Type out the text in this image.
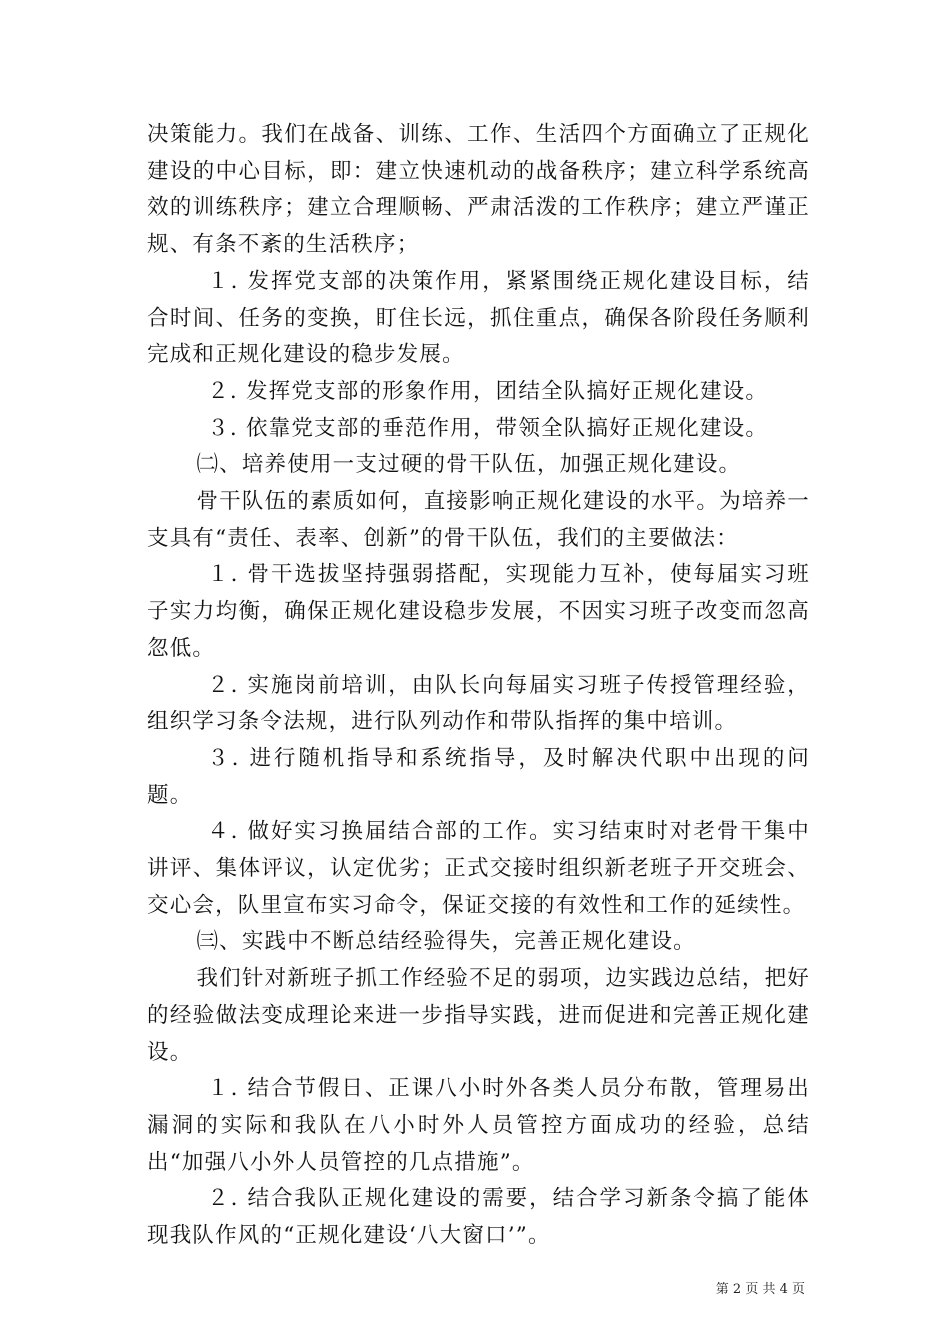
决策能力。我们在战备、训练、工作、生活四个方面确立了正规化建设的中心目标，即：建立快速机动的战备秩序；建立科学系统高效的训练秩序；建立合理顺畅、严肃活泼的工作秩序；建立严谨正规、有条不紊的生活秩序；

１. 发挥党支部的决策作用，紧紧围绕正规化建设目标，结合时间、任务的变换，盯住长远，抓住重点，确保各阶段任务顺利完成和正规化建设的稳步发展。

２. 发挥党支部的形象作用，团结全队搞好正规化建设。

３. 依靠党支部的垂范作用，带领全队搞好正规化建设。

㈡、培养使用一支过硬的骨干队伍，加强正规化建设。

骨干队伍的素质如何，直接影响正规化建设的水平。为培养一支具有“责任、表率、创新”的骨干队伍，我们的主要做法：

１. 骨干选拔坚持强弱搭配，实现能力互补，使每届实习班子实力均衡，确保正规化建设稳步发展，不因实习班子改变而忽高忽低。

２. 实施岗前培训，由队长向每届实习班子传授管理经验，组织学习条令法规，进行队列动作和带队指挥的集中培训。

３. 进行随机指导和系统指导，及时解决代职中出现的问题。

４. 做好实习换届结合部的工作。实习结束时对老骨干集中讲评、集体评议，认定优劣；正式交接时组织新老班子开交班会、交心会，队里宣布实习命令，保证交接的有效性和工作的延续性。

㈢、实践中不断总结经验得失，完善正规化建设。

我们针对新班子抓工作经验不足的弱项，边实践边总结，把好的经验做法变成理论来进一步指导实践，进而促进和完善正规化建设。

１. 结合节假日、正课八小时外各类人员分布散，管理易出漏洞的实际和我队在八小时外人员管控方面成功的经验，总结出“加强八小外人员管控的几点措施”。

２. 结合我队正规化建设的需要，结合学习新条令搞了能体现我队作风的“正规化建设‘八大窗口’”。

第 2 页 共 4 页
